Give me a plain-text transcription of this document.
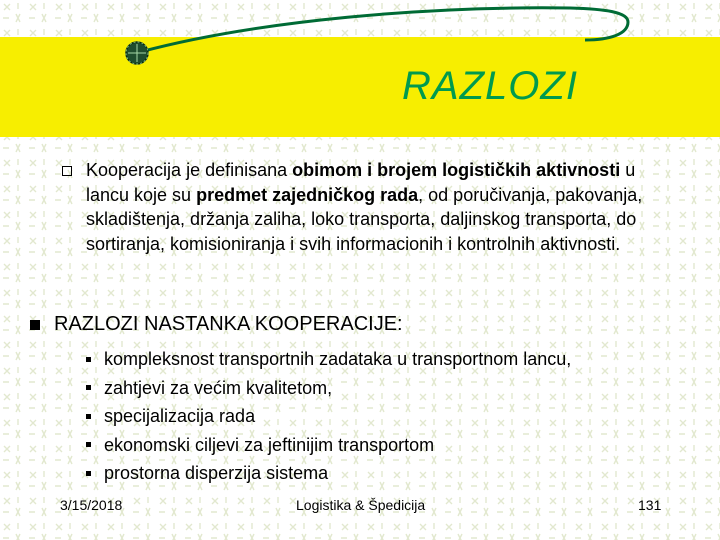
RAZLOZI
Kooperacija je definisana obimom i brojem logističkih aktivnosti u lancu koje su predmet zajedničkog rada, od poručivanja, pakovanja, skladištenja, držanja zaliha, loko transporta, daljinskog transporta, do sortiranja, komisioniranja i svih informacionih i kontrolnih aktivnosti.
RAZLOZI NASTANKA KOOPERACIJE:
kompleksnost transportnih zadataka u transportnom lancu,
zahtjevi za većim kvalitetom,
specijalizacija rada
ekonomski ciljevi za jeftinijim transportom
prostorna disperzija sistema
3/15/2018	Logistika & Špedicija	131
